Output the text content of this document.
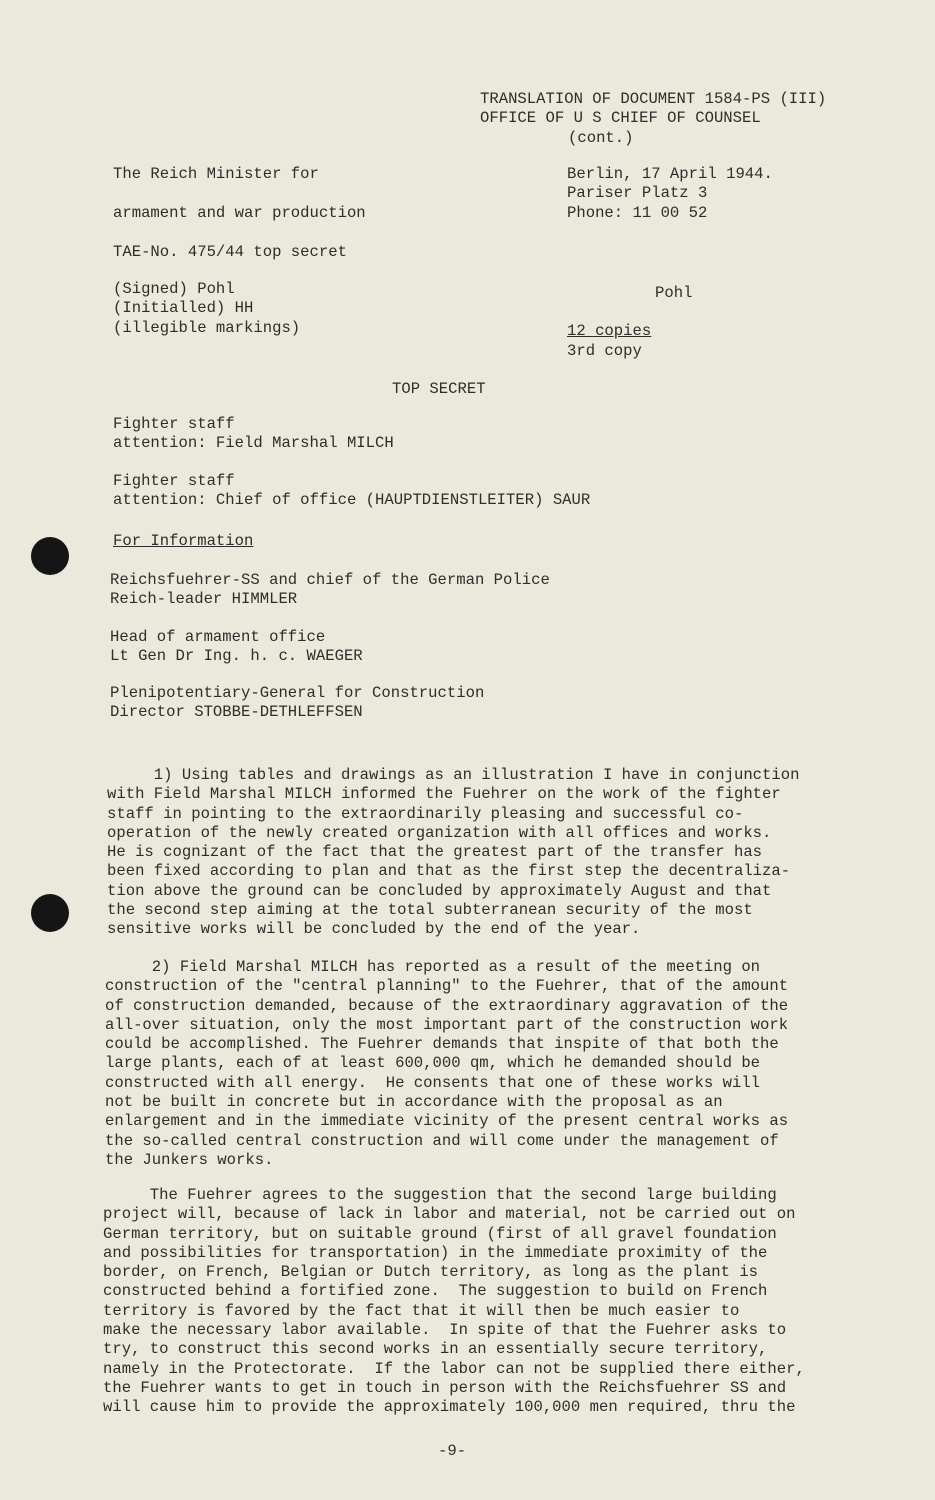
TRANSLATION OF DOCUMENT 1584-PS (III)
OFFICE OF U S CHIEF OF COUNSEL
(cont.)
The Reich Minister for
armament and war production
TAE-No. 475/44 top secret
(Signed) Pohl
(Initialled) HH
(illegible markings)
Berlin, 17 April 1944.
Pariser Platz 3
Phone: 11 00 52
Pohl
12 copies
3rd copy
TOP SECRET
Fighter staff
attention: Field Marshal MILCH
Fighter staff
attention: Chief of office (HAUPTDIENSTLEITER) SAUR
For Information
Reichsfuehrer-SS and chief of the German Police
Reich-leader HIMMLER
Head of armament office
Lt Gen Dr Ing. h. c. WAEGER
Plenipotentiary-General for Construction
Director STOBBE-DETHLEFFSEN
1) Using tables and drawings as an illustration I have in conjunction
with Field Marshal MILCH informed the Fuehrer on the work of the fighter
staff in pointing to the extraordinarily pleasing and successful co-
operation of the newly created organization with all offices and works.
He is cognizant of the fact that the greatest part of the transfer has
been fixed according to plan and that as the first step the decentraliza-
tion above the ground can be concluded by approximately August and that
the second step aiming at the total subterranean security of the most
sensitive works will be concluded by the end of the year.
2) Field Marshal MILCH has reported as a result of the meeting on
construction of the "central planning" to the Fuehrer, that of the amount
of construction demanded, because of the extraordinary aggravation of the
all-over situation, only the most important part of the construction work
could be accomplished. The Fuehrer demands that inspite of that both the
large plants, each of at least 600,000 qm, which he demanded should be
constructed with all energy.  He consents that one of these works will
not be built in concrete but in accordance with the proposal as an
enlargement and in the immediate vicinity of the present central works as
the so-called central construction and will come under the management of
the Junkers works.
The Fuehrer agrees to the suggestion that the second large building
project will, because of lack in labor and material, not be carried out on
German territory, but on suitable ground (first of all gravel foundation
and possibilities for transportation) in the immediate proximity of the
border, on French, Belgian or Dutch territory, as long as the plant is
constructed behind a fortified zone.  The suggestion to build on French
territory is favored by the fact that it will then be much easier to
make the necessary labor available.  In spite of that the Fuehrer asks to
try, to construct this second works in an essentially secure territory,
namely in the Protectorate.  If the labor can not be supplied there either,
the Fuehrer wants to get in touch in person with the Reichsfuehrer SS and
will cause him to provide the approximately 100,000 men required, thru the
-9-
